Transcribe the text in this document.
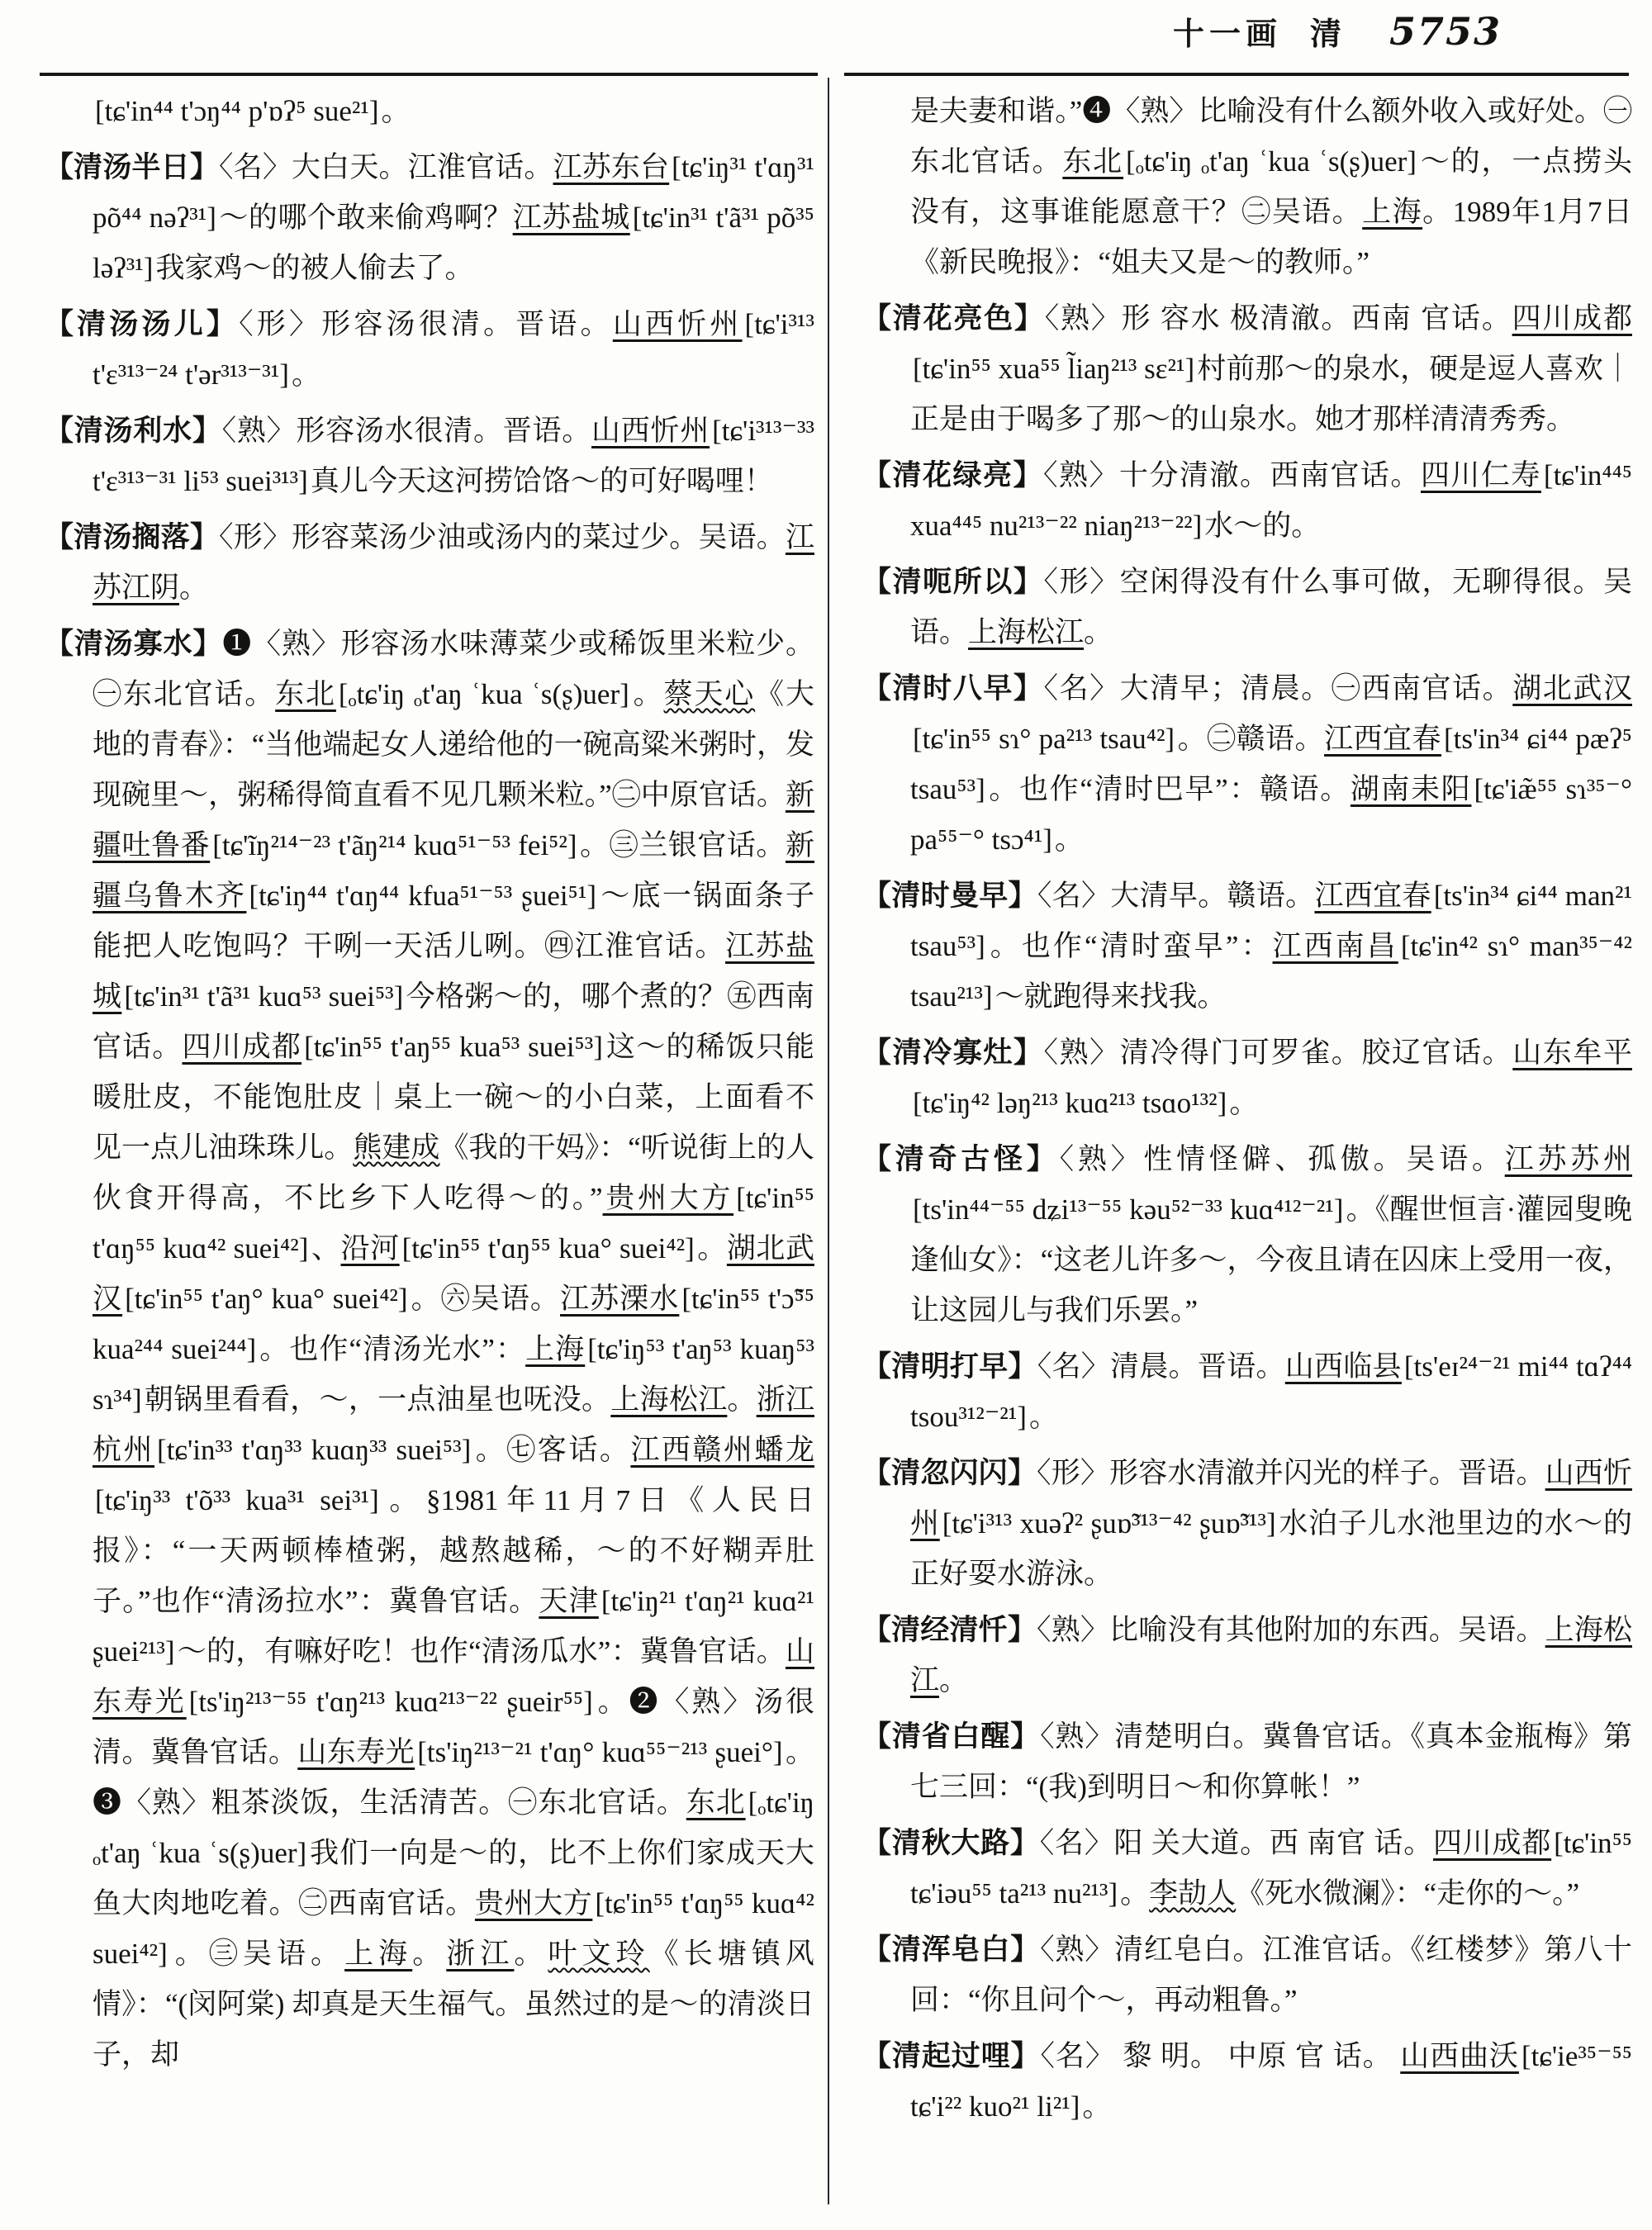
十一画 清 5753

[tɕ'in⁴⁴ t'ɔŋ⁴⁴ p'ɒʔ⁵ sue²¹]。

【清汤半日】〈名〉大白天。江淮官话。江苏东台[tɕ'iŋ³¹ t'ɑŋ³¹ põ⁴⁴ nəʔ³¹]～的哪个敢来偷鸡啊？江苏盐城[tɕ'in³¹ t'ã³¹ põ³⁵ ləʔ³¹]我家鸡～的被人偷去了。

【清汤汤儿】〈形〉形容汤很清。晋语。山西忻州[tɕ'i³¹³ t'ɛ³¹³⁻²⁴ t'ər³¹³⁻³¹]。

【清汤利水】〈熟〉形容汤水很清。晋语。山西忻州[tɕ'i³¹³⁻³³ t'ɛ³¹³⁻³¹ li⁵³ suei³¹³]真儿今天这河捞饸饹～的可好喝哩！

【清汤搁落】〈形〉形容菜汤少油或汤内的菜过少。吴语。江苏江阴。

【清汤寡水】❶〈熟〉形容汤水味薄菜少或稀饭里米粒少。㊀东北官话。东北[ₒtɕ'iŋ ₒt'aŋ ʿkua ʿs(ʂ)uer]。蔡天心《大地的青春》：“当他端起女人递给他的一碗高粱米粥时，发现碗里～，粥稀得简直看不见几颗米粒。”㊁中原官话。新疆吐鲁番[tɕ'ĩŋ²¹⁴⁻²³ t'ãŋ²¹⁴ kuɑ⁵¹⁻⁵³ fei⁵²]。㊂兰银官话。新疆乌鲁木齐[tɕ'iŋ⁴⁴ t'ɑŋ⁴⁴ kfua⁵¹⁻⁵³ ʂuei⁵¹]～底一锅面条子能把人吃饱吗？干咧一天活儿咧。㊃江淮官话。江苏盐城[tɕ'in³¹ t'ã³¹ kuɑ⁵³ suei⁵³]今格粥～的，哪个煮的？㊄西南官话。四川成都[tɕ'in⁵⁵ t'aŋ⁵⁵ kua⁵³ suei⁵³]这～的稀饭只能暖肚皮，不能饱肚皮｜桌上一碗～的小白菜，上面看不见一点儿油珠珠儿。熊建成《我的干妈》：“听说街上的人伙食开得高，不比乡下人吃得～的。”贵州大方[tɕ'in⁵⁵ t'ɑŋ⁵⁵ kuɑ⁴² suei⁴²]、沿河[tɕ'in⁵⁵ t'ɑŋ⁵⁵ kua° suei⁴²]。湖北武汉[tɕ'in⁵⁵ t'aŋ° kua° suei⁴²]。㊅吴语。江苏溧水[tɕ'in⁵⁵ t'ɔ̃⁵⁵ kua²⁴⁴ suei²⁴⁴]。也作“清汤光水”：上海[tɕ'iŋ⁵³ t'aŋ⁵³ kuaŋ⁵³ sɿ³⁴]朝锅里看看，～，一点油星也呒没。上海松江。浙江杭州[tɕ'in³³ t'ɑŋ³³ kuɑŋ³³ suei⁵³]。㊆客话。江西赣州蟠龙[tɕ'iŋ³³ t'õ³³ kua³¹ sei³¹]。§1981年11月7日《人民日报》：“一天两顿棒楂粥，越熬越稀，～的不好糊弄肚子。”也作“清汤拉水”：冀鲁官话。天津[tɕ'iŋ²¹ t'ɑŋ²¹ kuɑ²¹ ʂuei²¹³]～的，有嘛好吃！也作“清汤瓜水”：冀鲁官话。山东寿光[ts'iŋ²¹³⁻⁵⁵ t'ɑŋ²¹³ kuɑ²¹³⁻²² ʂueir⁵⁵]。❷〈熟〉汤很清。冀鲁官话。山东寿光[ts'iŋ²¹³⁻²¹ t'ɑŋ° kuɑ⁵⁵⁻²¹³ ʂuei°]。❸〈熟〉粗茶淡饭，生活清苦。㊀东北官话。东北[ₒtɕ'iŋ ₒt'aŋ ʿkua ʿs(ʂ)uer]我们一向是～的，比不上你们家成天大鱼大肉地吃着。㊁西南官话。贵州大方[tɕ'in⁵⁵ t'ɑŋ⁵⁵ kuɑ⁴² suei⁴²]。㊂吴语。上海。浙江。叶文玲《长塘镇风情》：“(闵阿棠) 却真是天生福气。虽然过的是～的清淡日子，却

是夫妻和谐。”❹〈熟〉比喻没有什么额外收入或好处。㊀东北官话。东北[ₒtɕ'iŋ ₒt'aŋ ʿkua ʿs(ʂ)uer]～的，一点捞头没有，这事谁能愿意干？㊁吴语。上海。1989年1月7日《新民晚报》：“姐夫又是～的教师。”

【清花亮色】〈熟〉形 容水 极清澈。西南 官话。四川成都[tɕ'in⁵⁵ xua⁵⁵ l̃iaŋ²¹³ sɛ²¹]村前那～的泉水，硬是逗人喜欢｜正是由于喝多了那～的山泉水。她才那样清清秀秀。

【清花绿亮】〈熟〉十分清澈。西南官话。四川仁寿[tɕ'in⁴⁴⁵ xua⁴⁴⁵ nu²¹³⁻²² niaŋ²¹³⁻²²]水～的。

【清呃所以】〈形〉空闲得没有什么事可做，无聊得很。吴语。上海松江。

【清时八早】〈名〉大清早；清晨。㊀西南官话。湖北武汉[tɕ'in⁵⁵ sɿ° pa²¹³ tsau⁴²]。㊁赣语。江西宜春[ts'in³⁴ ɕi⁴⁴ pæʔ⁵ tsau⁵³]。也作“清时巴早”：赣语。湖南耒阳[tɕ'iæ̃⁵⁵ sɿ³⁵⁻° pa⁵⁵⁻° tsɔ⁴¹]。

【清时曼早】〈名〉大清早。赣语。江西宜春[ts'in³⁴ ɕi⁴⁴ man²¹ tsau⁵³]。也作“清时蛮早”：江西南昌[tɕ'in⁴² sɿ° man³⁵⁻⁴² tsau²¹³]～就跑得来找我。

【清冷寡灶】〈熟〉清冷得门可罗雀。胶辽官话。山东牟平[tɕ'iŋ⁴² ləŋ²¹³ kuɑ²¹³ tsɑo¹³²]。

【清奇古怪】〈熟〉性情怪僻、孤傲。吴语。江苏苏州[ts'in⁴⁴⁻⁵⁵ dʑi¹³⁻⁵⁵ kəu⁵²⁻³³ kuɑ⁴¹²⁻²¹]。《醒世恒言·灌园叟晚逢仙女》：“这老儿许多～，今夜且请在囚床上受用一夜，让这园儿与我们乐罢。”

【清明打早】〈名〉清晨。晋语。山西临县[ts'eɪ²⁴⁻²¹ mi⁴⁴ tɑʔ⁴⁴ tsou³¹²⁻²¹]。

【清忽闪闪】〈形〉形容水清澈并闪光的样子。晋语。山西忻州[tɕ'i³¹³ xuəʔ² ʂuɒ̃³¹³⁻⁴² ʂuɒ̃³¹³]水泊子儿水池里边的水～的正好耍水游泳。

【清经清忏】〈熟〉比喻没有其他附加的东西。吴语。上海松江。

【清省白醒】〈熟〉清楚明白。冀鲁官话。《真本金瓶梅》第七三回：“(我)到明日～和你算帐！”

【清秋大路】〈名〉阳 关大道。西 南官 话。四川成都[tɕ'in⁵⁵ tɕ'iəu⁵⁵ ta²¹³ nu²¹³]。李劼人《死水微澜》：“走你的～。”

【清浑皂白】〈熟〉清红皂白。江淮官话。《红楼梦》第八十回：“你且问个～，再动粗鲁。”

【清起过哩】〈名〉 黎 明。 中原 官 话。 山西曲沃[tɕ'ie³⁵⁻⁵⁵ tɕ'i²² kuo²¹ li²¹]。
